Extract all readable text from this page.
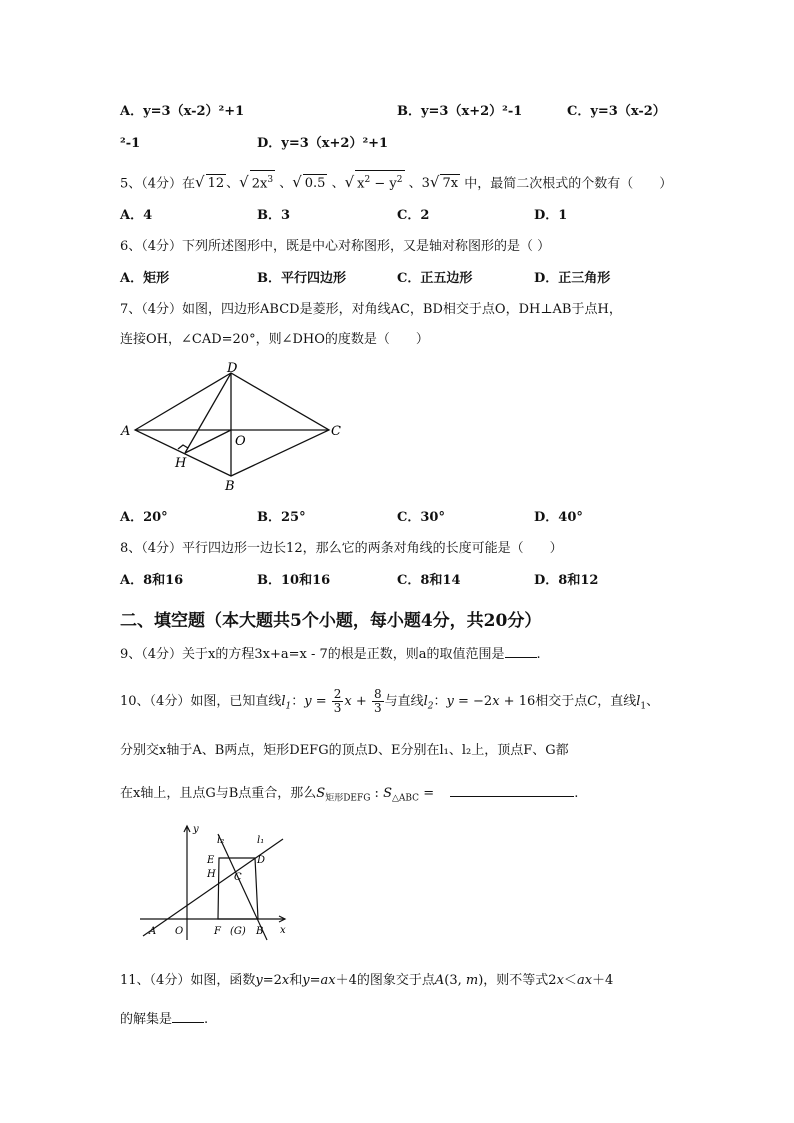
A．y=3（x-2）²+1	B．y=3（x+2）²-1	C．y=3（x-2）
²-1	D．y=3（x+2）²+1
5、（4分）在√ 12 、√ $2x^3$ 、√ 0.5 、√ $x^2 - y^2$ 、3√ 7x 中，最简二次根式的个数有（　　）
A．4	B．3	C．2	D．1
6、（4分）下列所述图形中，既是中心对称图形，又是轴对称图形的是（ ）
A．矩形	B．平行四边形	C．正五边形	D．正三角形
7、（4分）如图，四边形ABCD是菱形，对角线AC，BD相交于点O，DH⊥AB于点H，
连接OH，∠CAD=20°，则∠DHO的度数是（　　）
D
A	C
O
H
B
A．20°	B．25°	C．30°	D．40°
8、（4分）平行四边形一边长12，那么它的两条对角线的长度可能是（　　）
A．8和16	B．10和16	C．8和14	D．8和12
二、填空题（本大题共5个小题，每小题4分，共20分）
9、（4分）关于x的方程3x+a=x - 7的根是正数，则a的取值范围是 .
10、（4分）如图，已知直线$l_1$：$y = \frac{2}{3}$ $x + \frac{8}{3}$ 与直线$l_2$：y = −2x + 16相交于点C，直线$l_1$、
分别交x轴于A、B两点，矩形DEFG的顶点D、E分别在l₁、l₂上，顶点F、G都
在x轴上，且点G与B点重合，那么$S_{矩形DEFG}$ : $S_{\triangle ABC}$ =	.
y
x
l₂	l₁
E	D
H C
A O	F (G) B
11、（4分）如图，函数y=2x和y=ax＋4的图象交于点A(3, m)，则不等式2x＜ax＋4
的解集是 .
